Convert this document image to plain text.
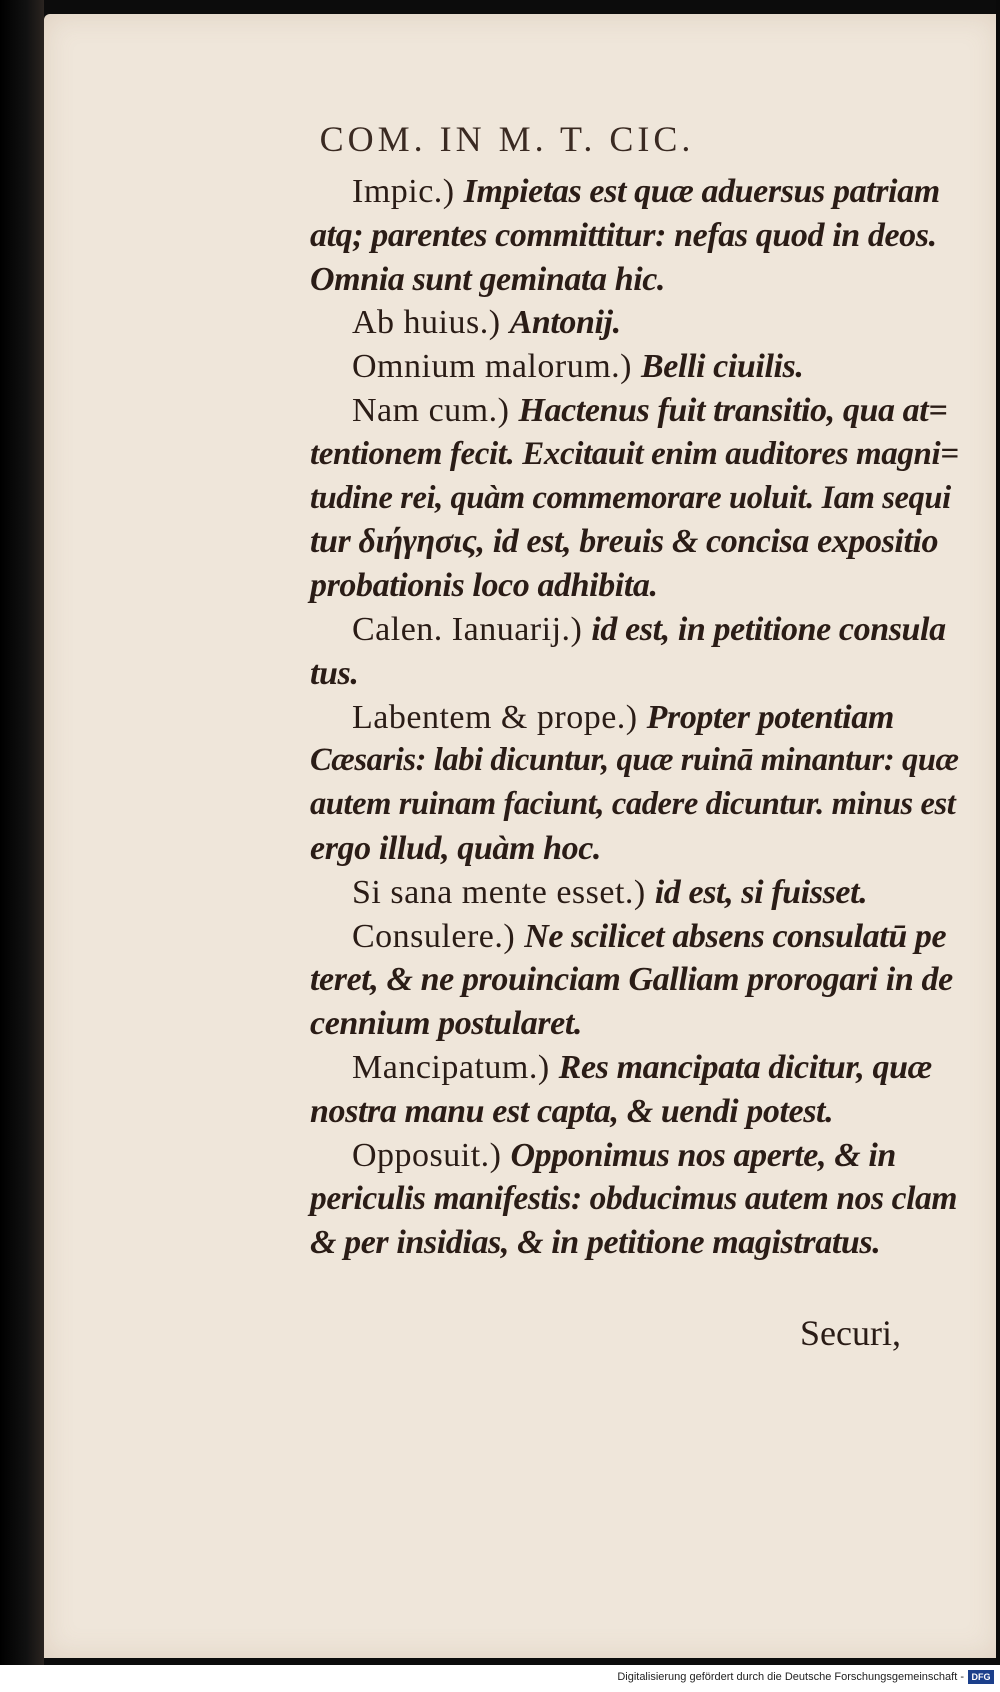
COM. IN M. T. CIC.
Impic.) Impietas est quæ aduersus patriam
atq; parentes committitur: nefas quod in deos.
Omnia sunt geminata hic.
Ab huius.) Antonij.
Omnium malorum.) Belli ciuilis.
Nam cum.) Hactenus fuit transitio, qua at=
tentionem fecit. Excitauit enim auditores magni=
tudine rei, quàm commemorare uoluit. Iam sequi
tur διήγησις, id est, breuis & concisa expositio
probationis loco adhibita.
Calen. Ianuarij.) id est, in petitione consula
tus.
Labentem & prope.) Propter potentiam
Cæsaris: labi dicuntur, quæ ruinā minantur: quæ
autem ruinam faciunt, cadere dicuntur. minus est
ergo illud, quàm hoc.
Si sana mente esset.) id est, si fuisset.
Consulere.) Ne scilicet absens consulatū pe
teret, & ne prouinciam Galliam prorogari in de
cennium postularet.
Mancipatum.) Res mancipata dicitur, quæ
nostra manu est capta, & uendi potest.
Opposuit.) Opponimus nos aperte, & in
periculis manifestis: obducimus autem nos clam
& per insidias, & in petitione magistratus.
Securi,
Digitalisierung gefördert durch die Deutsche Forschungsgemeinschaft - DFG
